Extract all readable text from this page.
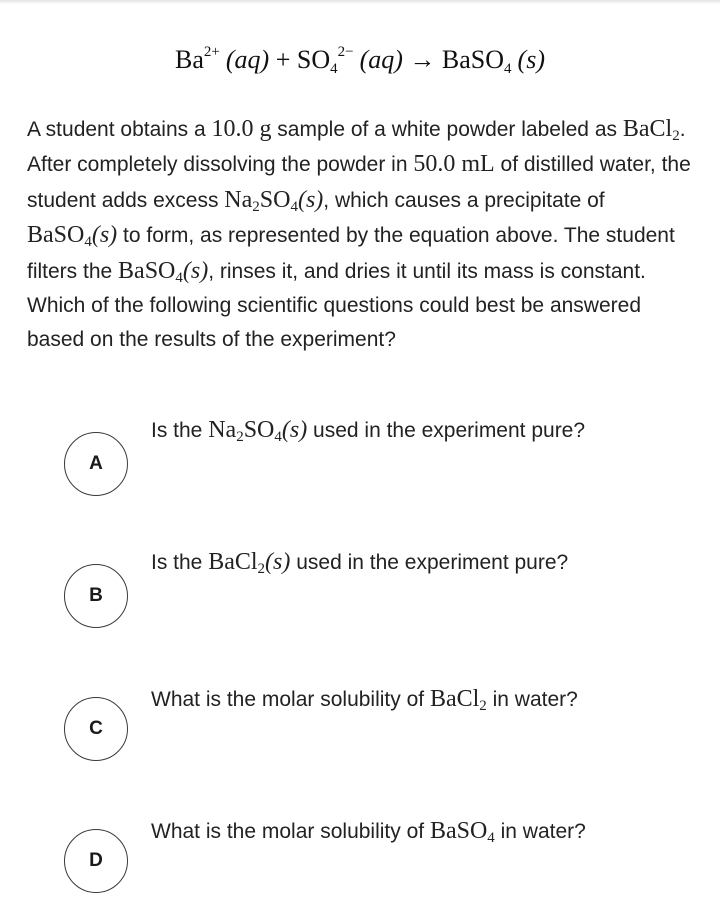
$Ba^{2+}$ $(aq) + SO_4^{2-}$ (aq) → BaSO$_4$ (s)
A student obtains a 10.0 g sample of a white powder labeled as BaCl$_2$. After completely dissolving the powder in 50.0 mL of distilled water, the student adds excess $Na_2SO_4(s)$, which causes a precipitate of BaSO$_4$(s) to form, as represented by the equation above. The student filters the BaSO$_4$(s), rinses it, and dries it until its mass is constant. Which of the following scientific questions could best be answered based on the results of the experiment?
A
Is the $Na_2SO_4(s)$ used in the experiment pure?
B
Is the BaCl$_2$(s) used in the experiment pure?
C
What is the molar solubility of BaCl$_2$ in water?
D
What is the molar solubility of BaSO$_4$ in water?
